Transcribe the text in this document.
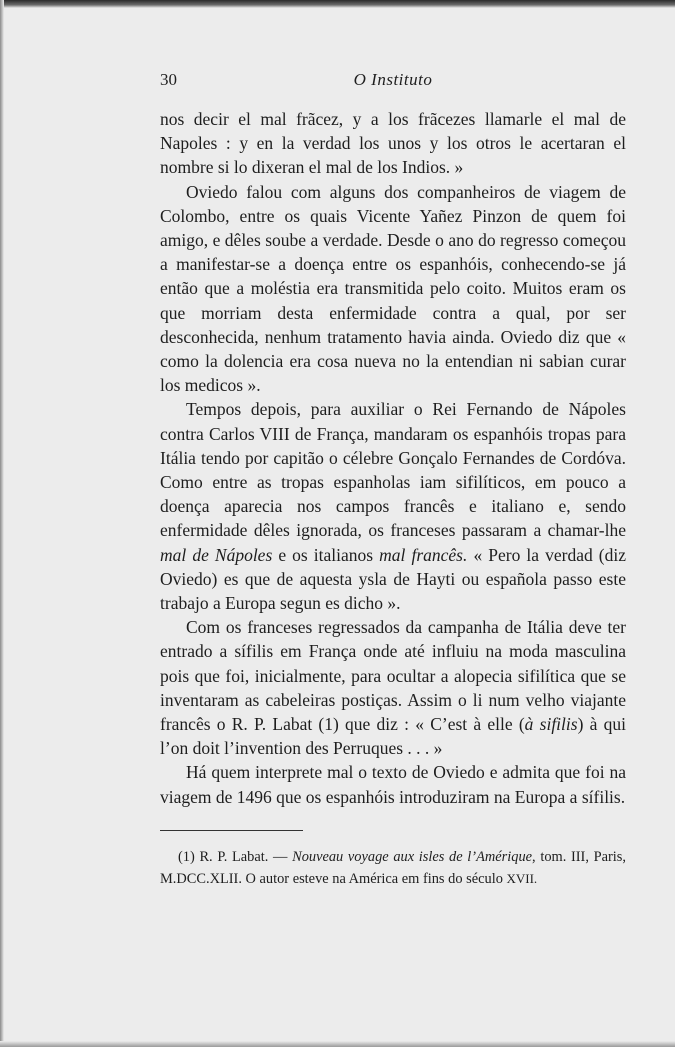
O Instituto
30

nos decir el mal frãcez, y a los frãcezes llamarle el mal de Napoles : y en la verdad los unos y los otros le acertaran el nombre si lo dixeran el mal de los Indios. »

Oviedo falou com alguns dos companheiros de viagem de Colombo, entre os quais Vicente Yañez Pinzon de quem foi amigo, e dêles soube a verdade. Desde o ano do regresso começou a manifestar-se a doença entre os espanhóis, conhecendo-se já então que a moléstia era transmitida pelo coito. Muitos eram os que morriam desta enfermidade contra a qual, por ser desconhecida, nenhum tratamento havia ainda. Oviedo diz que « como la dolencia era cosa nueva no la entendian ni sabian curar los medicos ».

Tempos depois, para auxiliar o Rei Fernando de Nápoles contra Carlos VIII de França, mandaram os espanhóis tropas para Itália tendo por capitão o célebre Gonçalo Fernandes de Cordóva. Como entre as tropas espanholas iam sifilíticos, em pouco a doença aparecia nos campos francês e italiano e, sendo enfermidade dêles ignorada, os franceses passaram a chamar-lhe mal de Nápoles e os italianos mal francês. « Pero la verdad (diz Oviedo) es que de aquesta ysla de Hayti ou española passo este trabajo a Europa segun es dicho ».

Com os franceses regressados da campanha de Itália deve ter entrado a sífilis em França onde até influiu na moda masculina pois que foi, inicialmente, para ocultar a alopecia sifilítica que se inventaram as cabeleiras postiças. Assim o li num velho viajante francês o R. P. Labat (1) que diz : « C’est à elle (à sifilis) à qui l’on doit l’invention des Perruques . . . »

Há quem interprete mal o texto de Oviedo e admita que foi na viagem de 1496 que os espanhóis introduziram na Europa a sífilis.

(1) R. P. Labat. — Nouveau voyage aux isles de l’Amérique, tom. III, Paris, M.DCC.XLII. O autor esteve na América em fins do século XVII.
